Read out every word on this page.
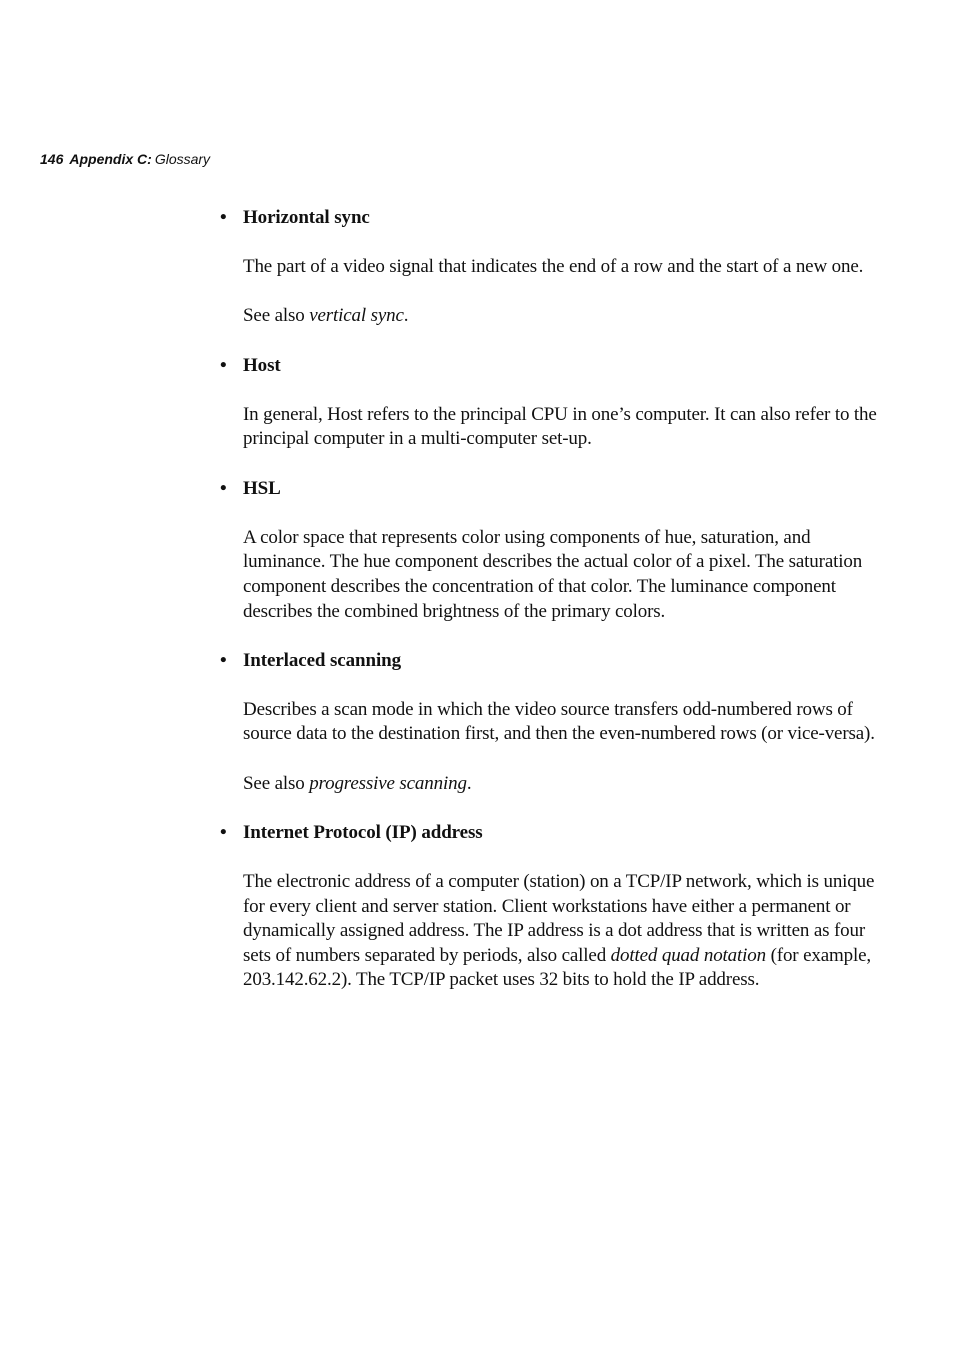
146 Appendix C: Glossary
• Horizontal sync

The part of a video signal that indicates the end of a row and the start of a new one.

See also vertical sync.

• Host

In general, Host refers to the principal CPU in one’s computer. It can also refer to the principal computer in a multi-computer set-up.

• HSL

A color space that represents color using components of hue, saturation, and luminance. The hue component describes the actual color of a pixel. The saturation component describes the concentration of that color. The luminance component describes the combined brightness of the primary colors.

• Interlaced scanning

Describes a scan mode in which the video source transfers odd-numbered rows of source data to the destination first, and then the even-numbered rows (or vice-versa).

See also progressive scanning.

• Internet Protocol (IP) address

The electronic address of a computer (station) on a TCP/IP network, which is unique for every client and server station. Client workstations have either a permanent or dynamically assigned address. The IP address is a dot address that is written as four sets of numbers separated by periods, also called dotted quad notation (for example, 203.142.62.2). The TCP/IP packet uses 32 bits to hold the IP address.
